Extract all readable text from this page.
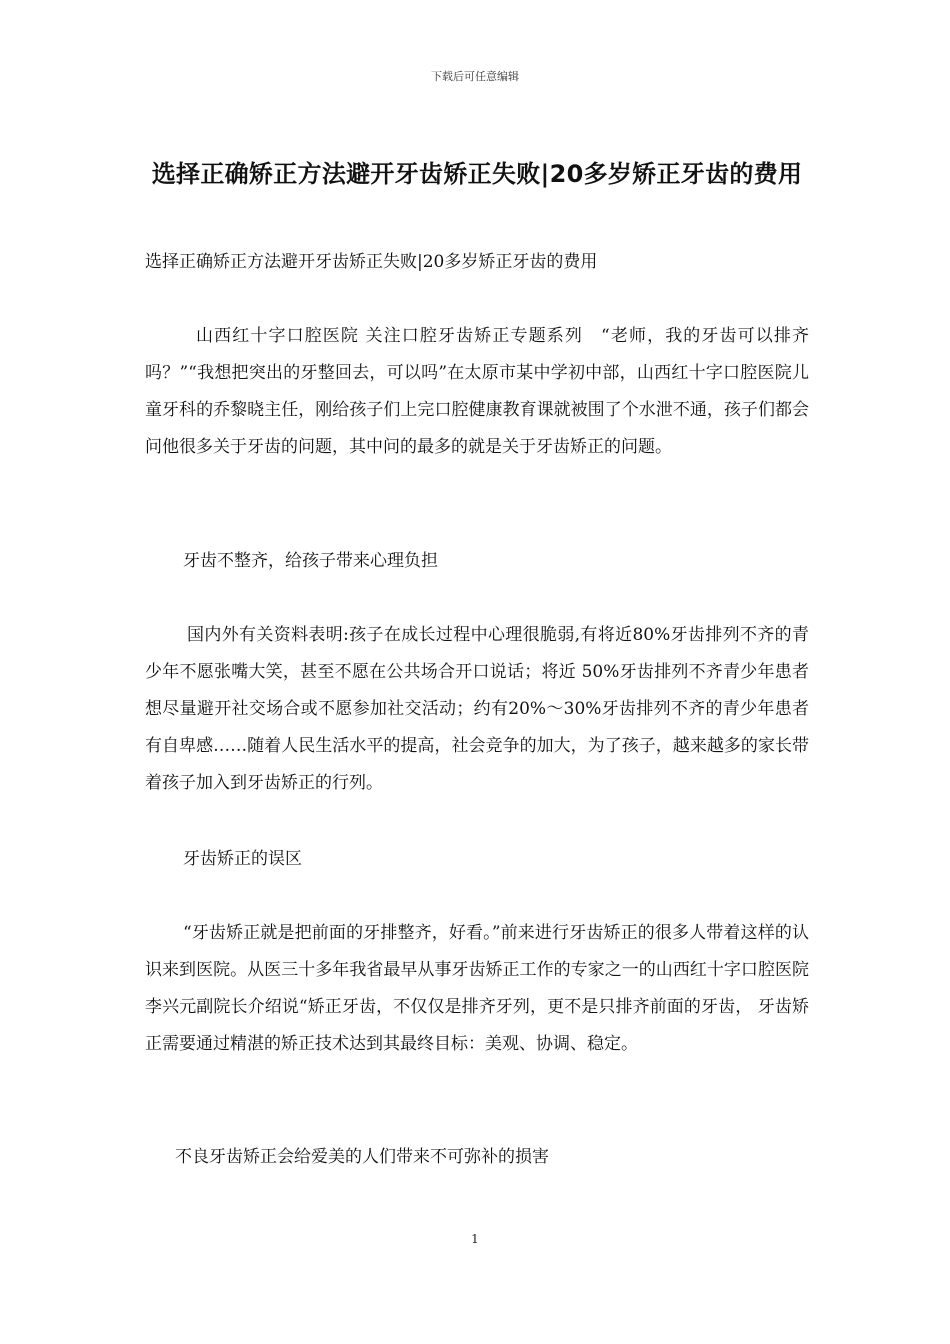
下载后可任意编辑
选择正确矫正方法避开牙齿矫正失败|20多岁矫正牙齿的费用
选择正确矫正方法避开牙齿矫正失败|20多岁矫正牙齿的费用

山西红十字口腔医院 关注口腔牙齿矫正专题系列　“老师，我的牙齿可以排齐吗？”“我想把突出的牙整回去，可以吗”在太原市某中学初中部，山西红十字口腔医院儿童牙科的乔黎晓主任，刚给孩子们上完口腔健康教育课就被围了个水泄不通，孩子们都会问他很多关于牙齿的问题，其中问的最多的就是关于牙齿矫正的问题。

牙齿不整齐，给孩子带来心理负担

国内外有关资料表明:孩子在成长过程中心理很脆弱,有将近80%牙齿排列不齐的青少年不愿张嘴大笑，甚至不愿在公共场合开口说话；将近 50%牙齿排列不齐青少年患者想尽量避开社交场合或不愿参加社交活动；约有20%～30%牙齿排列不齐的青少年患者有自卑感……随着人民生活水平的提高，社会竞争的加大，为了孩子，越来越多的家长带着孩子加入到牙齿矫正的行列。

牙齿矫正的误区

“牙齿矫正就是把前面的牙排整齐，好看。”前来进行牙齿矫正的很多人带着这样的认识来到医院。从医三十多年我省最早从事牙齿矫正工作的专家之一的山西红十字口腔医院李兴元副院长介绍说“矫正牙齿，不仅仅是排齐牙列，更不是只排齐前面的牙齿， 牙齿矫正需要通过精湛的矫正技术达到其最终目标：美观、协调、稳定。

不良牙齿矫正会给爱美的人们带来不可弥补的损害

1
